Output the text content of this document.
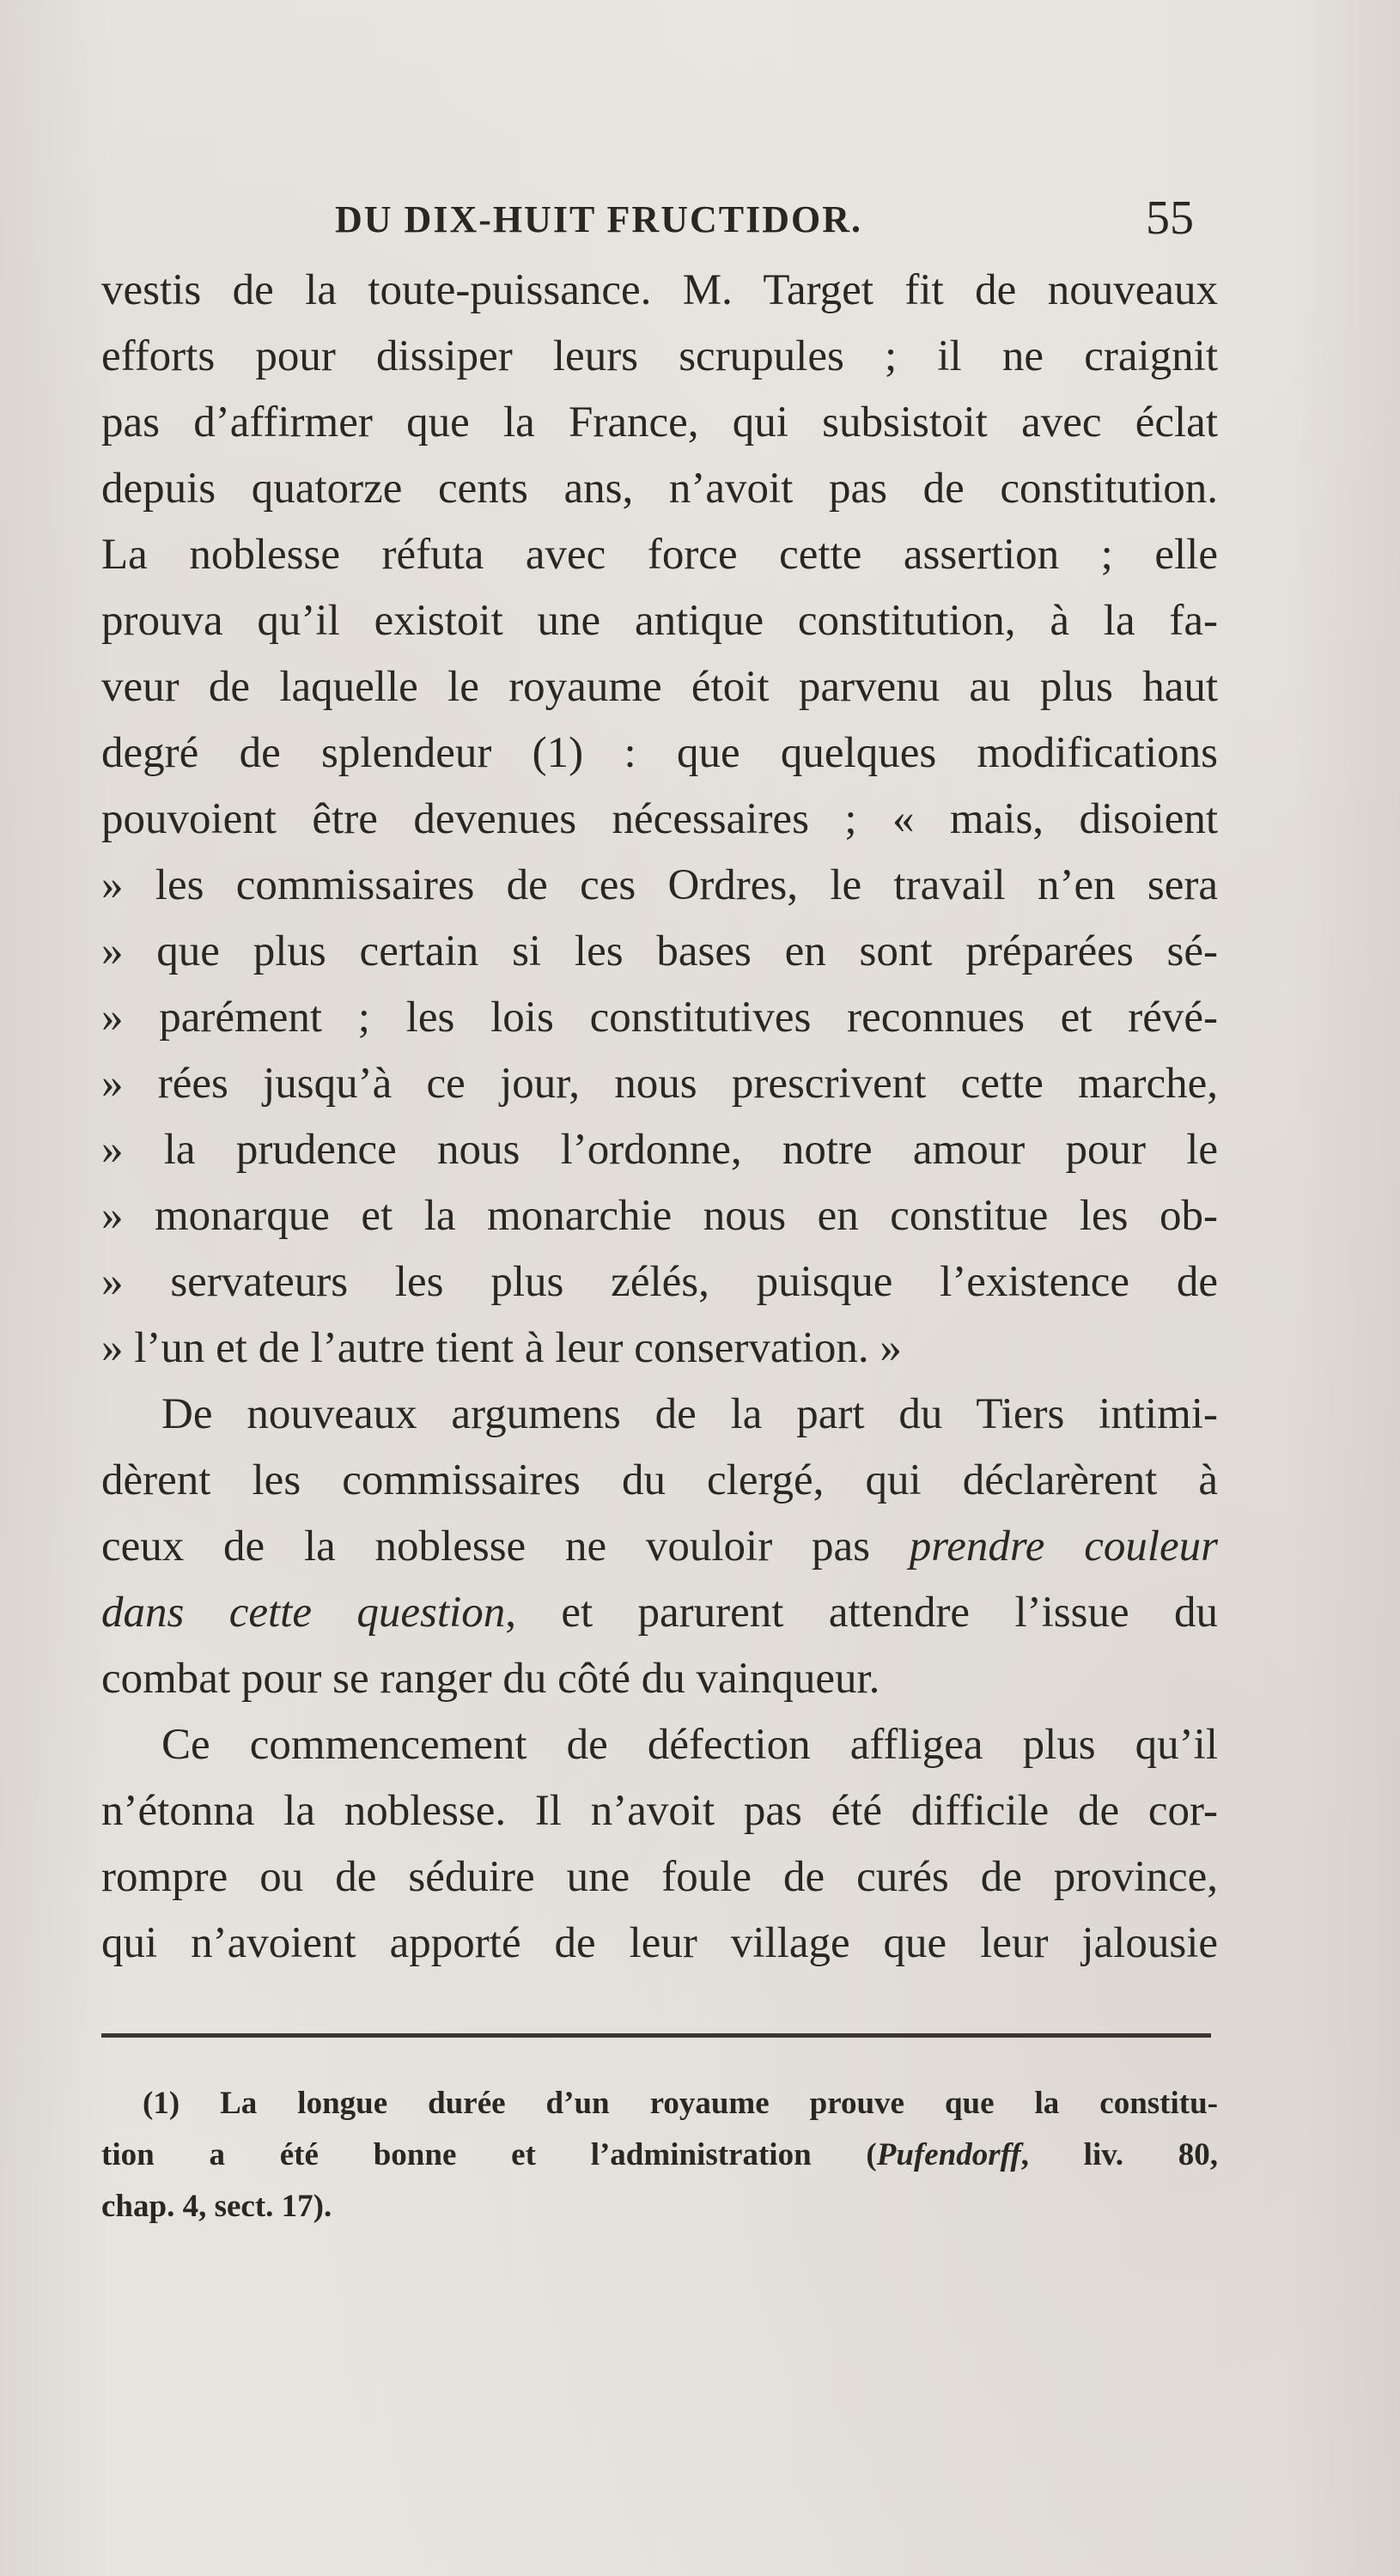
DU DIX-HUIT FRUCTIDOR.	55
vestis de la toute-puissance. M. Target fit de nouveaux
efforts pour dissiper leurs scrupules ; il ne craignit
pas d’affirmer que la France, qui subsistoit avec éclat
depuis quatorze cents ans, n’avoit pas de constitution.
La noblesse réfuta avec force cette assertion ; elle
prouva qu’il existoit une antique constitution, à la fa-
veur de laquelle le royaume étoit parvenu au plus haut
degré de splendeur (1) : que quelques modifications
pouvoient être devenues nécessaires ; « mais, disoient
» les commissaires de ces Ordres, le travail n’en sera
» que plus certain si les bases en sont préparées sé-
» parément ; les lois constitutives reconnues et révé-
» rées jusqu’à ce jour, nous prescrivent cette marche,
» la prudence nous l’ordonne, notre amour pour le
» monarque et la monarchie nous en constitue les ob-
» servateurs les plus zélés, puisque l’existence de
» l’un et de l’autre tient à leur conservation. »
De nouveaux argumens de la part du Tiers intimi-
dèrent les commissaires du clergé, qui déclarèrent à
ceux de la noblesse ne vouloir pas prendre couleur
dans cette question, et parurent attendre l’issue du
combat pour se ranger du côté du vainqueur.
Ce commencement de défection affligea plus qu’il
n’étonna la noblesse. Il n’avoit pas été difficile de cor-
rompre ou de séduire une foule de curés de province,
qui n’avoient apporté de leur village que leur jalousie
(1) La longue durée d’un royaume prouve que la constitu-
tion a été bonne et l’administration (Pufendorff, liv. 80,
chap. 4, sect. 17).
